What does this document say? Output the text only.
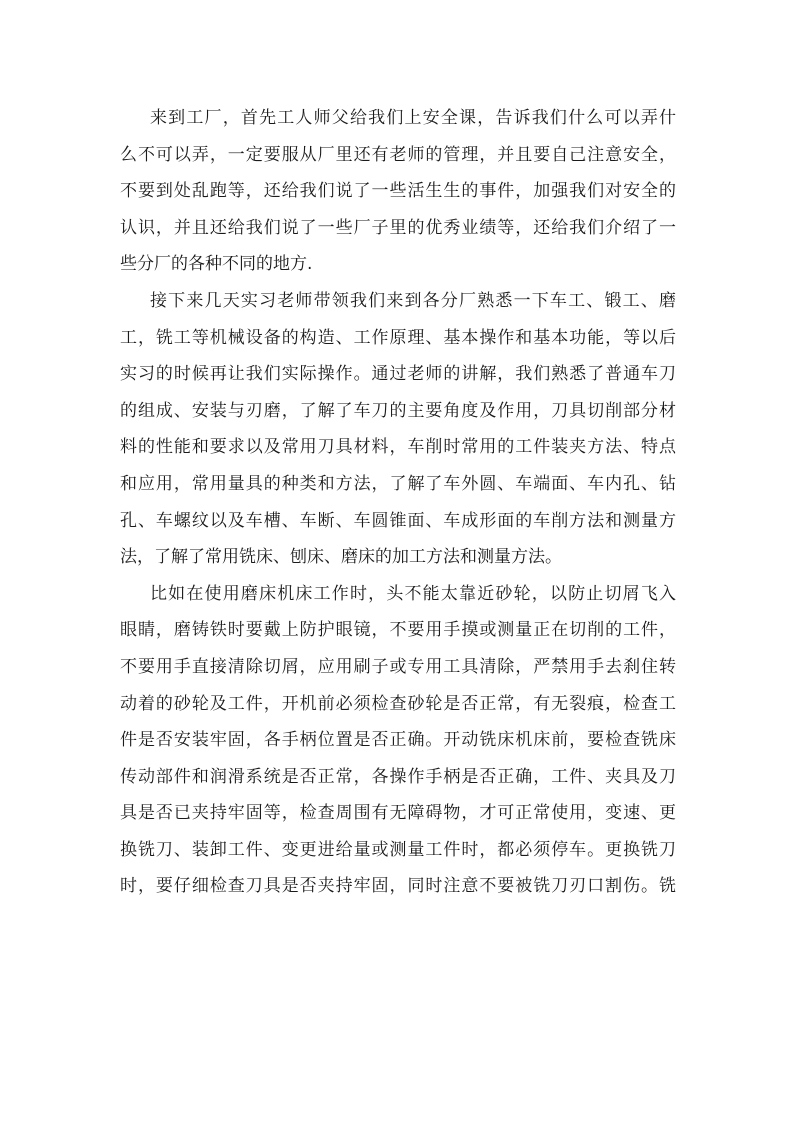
来到工厂，首先工人师父给我们上安全课，告诉我们什么可以弄什
么不可以弄，一定要服从厂里还有老师的管理，并且要自己注意安全，
不要到处乱跑等，还给我们说了一些活生生的事件，加强我们对安全的
认识，并且还给我们说了一些厂子里的优秀业绩等，还给我们介绍了一
些分厂的各种不同的地方.
接下来几天实习老师带领我们来到各分厂熟悉一下车工、锻工、磨
工，铣工等机械设备的构造、工作原理、基本操作和基本功能，等以后
实习的时候再让我们实际操作。通过老师的讲解，我们熟悉了普通车刀
的组成、安装与刃磨，了解了车刀的主要角度及作用，刀具切削部分材
料的性能和要求以及常用刀具材料，车削时常用的工件装夹方法、特点
和应用，常用量具的种类和方法，了解了车外圆、车端面、车内孔、钻
孔、车螺纹以及车槽、车断、车圆锥面、车成形面的车削方法和测量方
法，了解了常用铣床、刨床、磨床的加工方法和测量方法。
比如在使用磨床机床工作时，头不能太靠近砂轮，以防止切屑飞入
眼睛，磨铸铁时要戴上防护眼镜，不要用手摸或测量正在切削的工件，
不要用手直接清除切屑，应用刷子或专用工具清除，严禁用手去刹住转
动着的砂轮及工件，开机前必须检查砂轮是否正常，有无裂痕，检查工
件是否安装牢固，各手柄位置是否正确。开动铣床机床前，要检查铣床
传动部件和润滑系统是否正常，各操作手柄是否正确，工件、夹具及刀
具是否已夹持牢固等，检查周围有无障碍物，才可正常使用，变速、更
换铣刀、装卸工件、变更进给量或测量工件时，都必须停车。更换铣刀
时，要仔细检查刀具是否夹持牢固，同时注意不要被铣刀刃口割伤。铣
